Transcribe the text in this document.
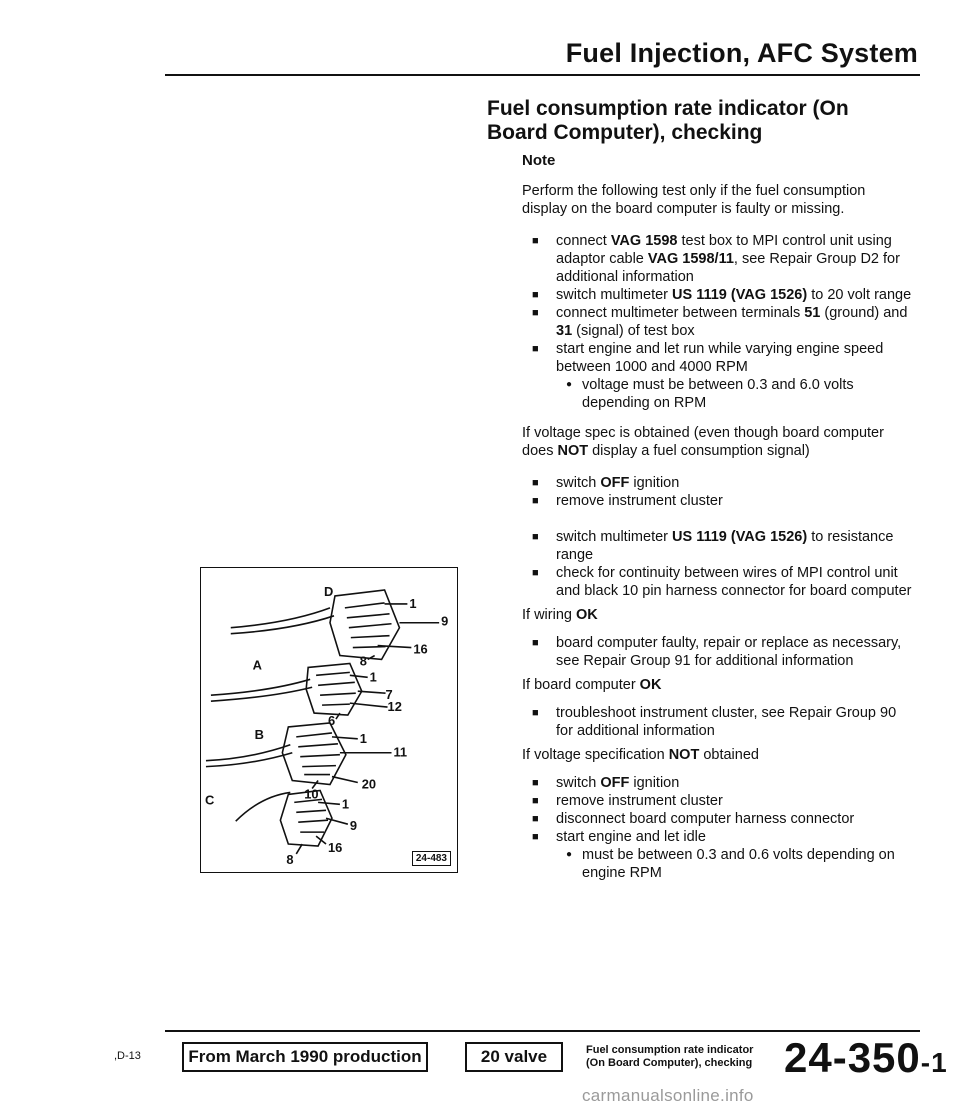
Fuel Injection, AFC System
Fuel consumption rate indicator (On Board Computer), checking
Note
Perform the following test only if the fuel consumption display on the board computer is faulty or missing.
■ connect VAG 1598 test box to MPI control unit using adaptor cable VAG 1598/11, see Repair Group D2 for additional information
■ switch multimeter US 1119 (VAG 1526) to 20 volt range
■ connect multimeter between terminals 51 (ground) and 31 (signal) of test box
■ start engine and let run while varying engine speed between 1000 and 4000 RPM
● voltage must be between 0.3 and 6.0 volts depending on RPM
If voltage spec is obtained (even though board computer does NOT display a fuel consumption signal)
■ switch OFF ignition
■ remove instrument cluster
■ switch multimeter US 1119 (VAG 1526) to resistance range
■ check for continuity between wires of MPI control unit and black 10 pin harness connector for board computer
If wiring OK
■ board computer faulty, repair or replace as necessary, see Repair Group 91 for additional information
If board computer OK
■ troubleshoot instrument cluster, see Repair Group 90 for additional information
If voltage specification NOT obtained
■ switch OFF ignition
■ remove instrument cluster
■ disconnect board computer harness connector
■ start engine and let idle
● must be between 0.3 and 0.6 volts depending on engine RPM
D
A
B
C
1
9
16
8
1
7
12
6
1
11
20
10
1
9
16
8	24-483
,D-13	From March 1990 production	20 valve	Fuel consumption rate indicator
(On Board Computer), checking 24-350-1
carmanualsonline.info
